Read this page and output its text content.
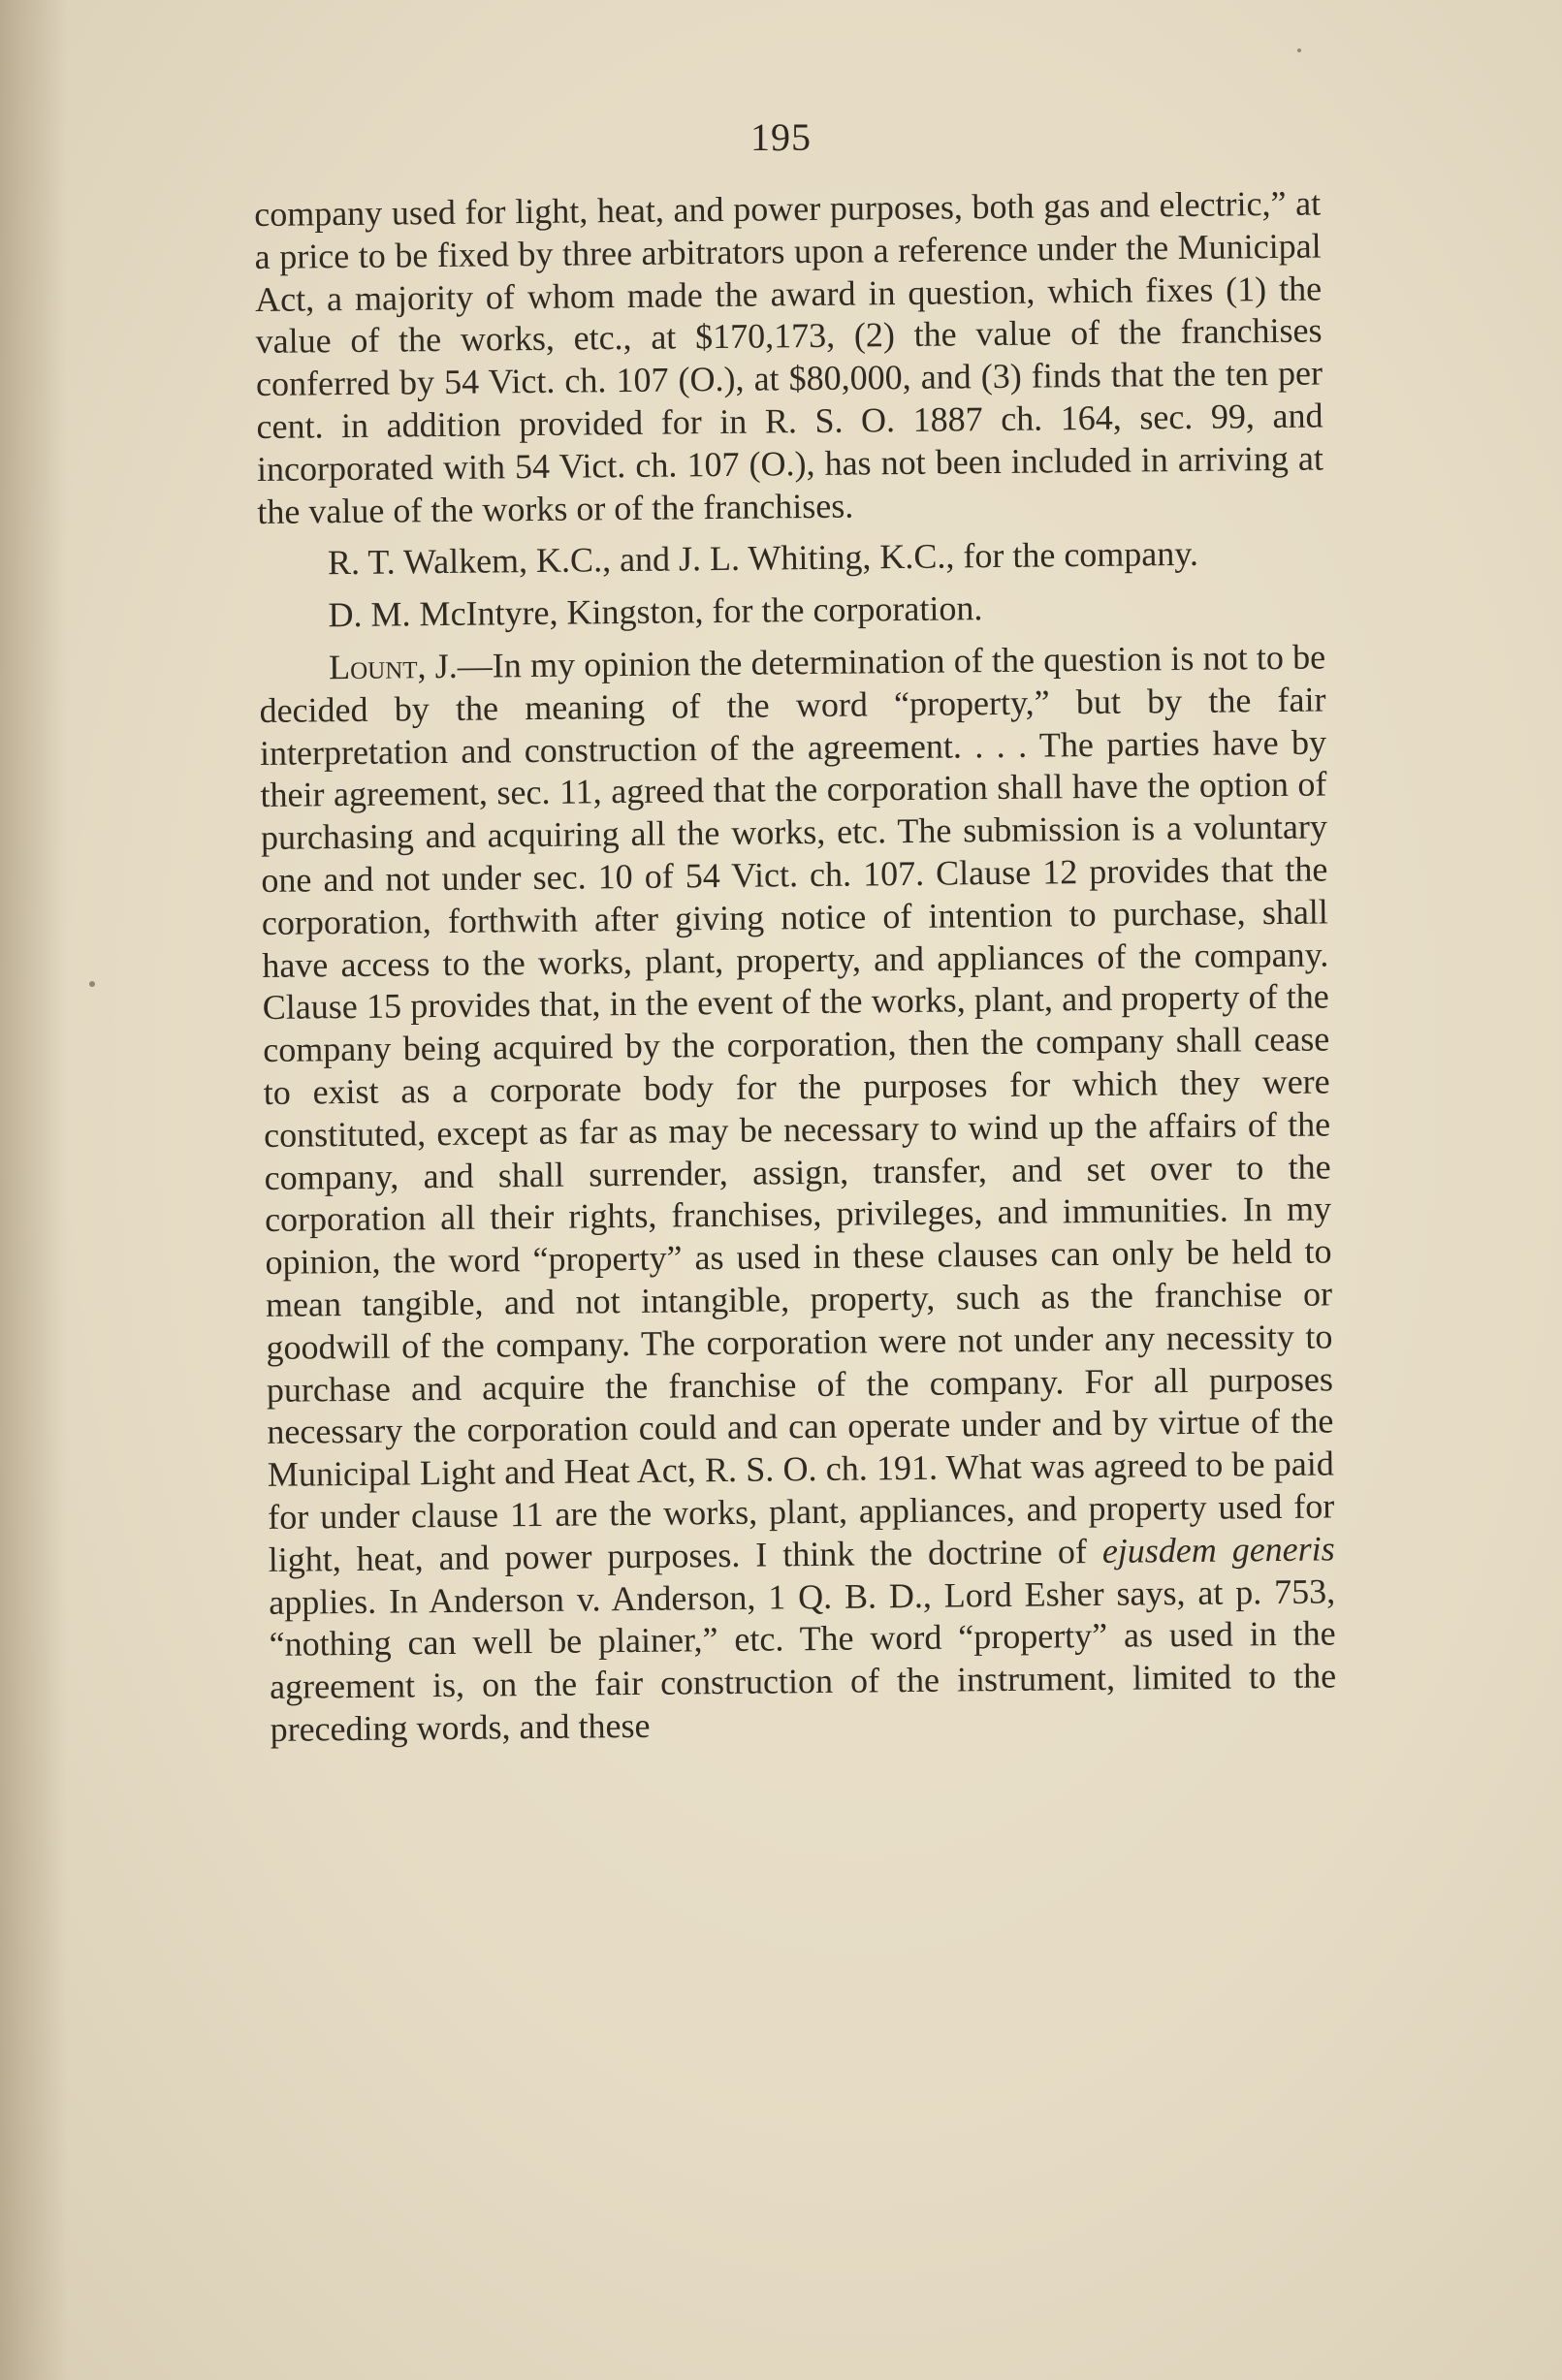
195

company used for light, heat, and power purposes, both gas and electric,” at a price to be fixed by three arbitrators upon a reference under the Municipal Act, a majority of whom made the award in question, which fixes (1) the value of the works, etc., at $170,173, (2) the value of the franchises conferred by 54 Vict. ch. 107 (O.), at $80,000, and (3) finds that the ten per cent. in addition provided for in R. S. O. 1887 ch. 164, sec. 99, and incorporated with 54 Vict. ch. 107 (O.), has not been included in arriving at the value of the works or of the franchises.

R. T. Walkem, K.C., and J. L. Whiting, K.C., for the company.

D. M. McIntyre, Kingston, for the corporation.

Lount, J.—In my opinion the determination of the question is not to be decided by the meaning of the word “property,” but by the fair interpretation and construction of the agreement. . . . The parties have by their agreement, sec. 11, agreed that the corporation shall have the option of purchasing and acquiring all the works, etc. The submission is a voluntary one and not under sec. 10 of 54 Vict. ch. 107. Clause 12 provides that the corporation, forthwith after giving notice of intention to purchase, shall have access to the works, plant, property, and appliances of the company. Clause 15 provides that, in the event of the works, plant, and property of the company being acquired by the corporation, then the company shall cease to exist as a corporate body for the purposes for which they were constituted, except as far as may be necessary to wind up the affairs of the company, and shall surrender, assign, transfer, and set over to the corporation all their rights, franchises, privileges, and immunities. In my opinion, the word “property” as used in these clauses can only be held to mean tangible, and not intangible, property, such as the franchise or goodwill of the company. The corporation were not under any necessity to purchase and acquire the franchise of the company. For all purposes necessary the corporation could and can operate under and by virtue of the Municipal Light and Heat Act, R. S. O. ch. 191. What was agreed to be paid for under clause 11 are the works, plant, appliances, and property used for light, heat, and power purposes. I think the doctrine of ejusdem generis applies. In Anderson v. Anderson, 1 Q. B. D., Lord Esher says, at p. 753, “nothing can well be plainer,” etc. The word “property” as used in the agreement is, on the fair construction of the instrument, limited to the preceding words, and these
